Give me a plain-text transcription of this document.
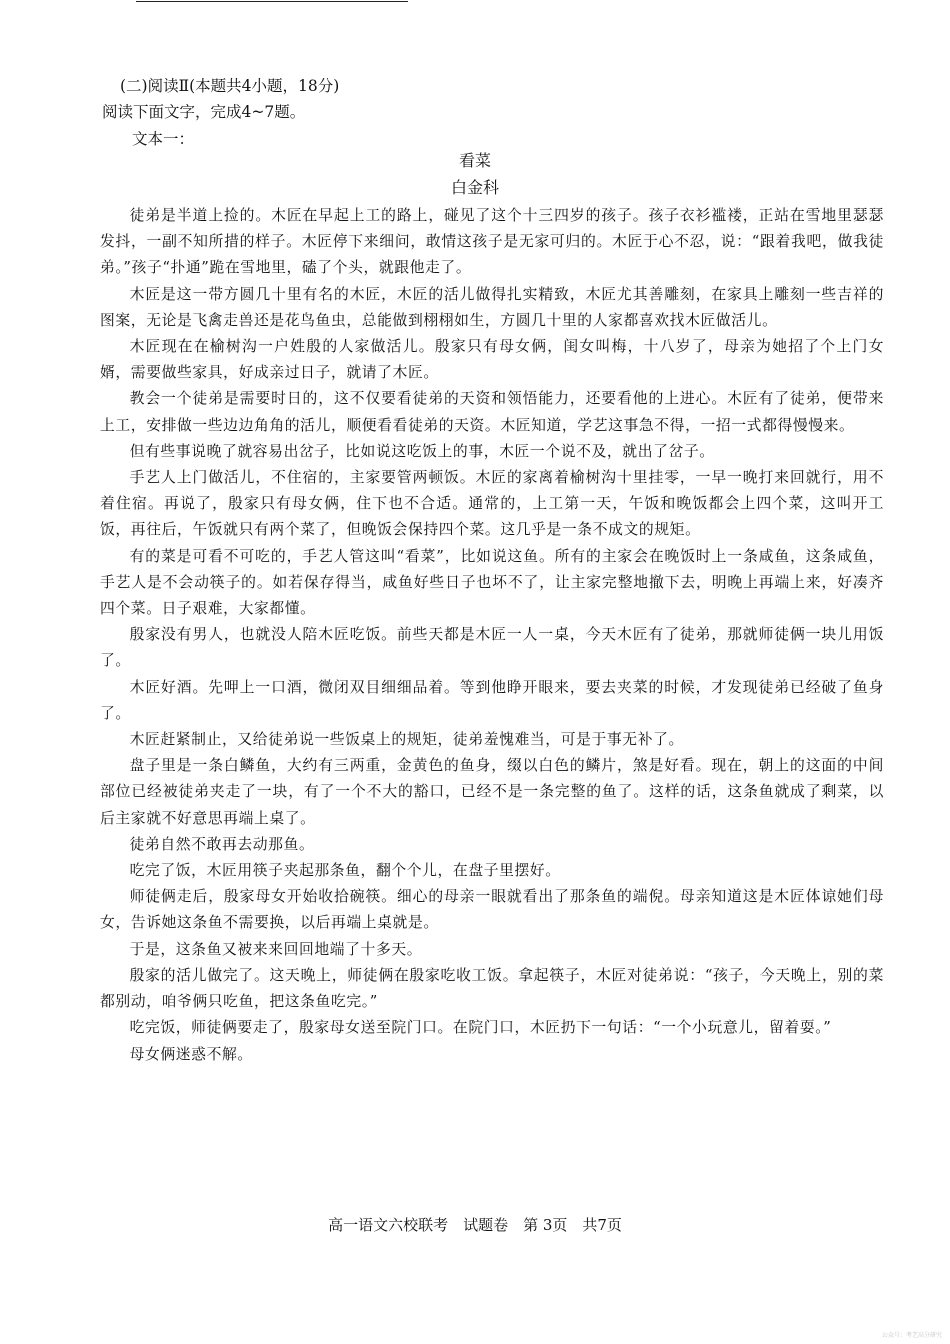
(二)阅读Ⅱ(本题共4小题，18分)
阅读下面文字，完成4~7题。
文本一：
看菜
白金科

徒弟是半道上捡的。木匠在早起上工的路上，碰见了这个十三四岁的孩子。孩子衣衫褴褛，正站在雪地里瑟瑟发抖，一副不知所措的样子。木匠停下来细问，敢情这孩子是无家可归的。木匠于心不忍，说：“跟着我吧，做我徒弟。”孩子“扑通”跪在雪地里，磕了个头，就跟他走了。

木匠是这一带方圆几十里有名的木匠，木匠的活儿做得扎实精致，木匠尤其善雕刻，在家具上雕刻一些吉祥的图案，无论是飞禽走兽还是花鸟鱼虫，总能做到栩栩如生，方圆几十里的人家都喜欢找木匠做活儿。

木匠现在在榆树沟一户姓殷的人家做活儿。殷家只有母女俩，闺女叫梅，十八岁了，母亲为她招了个上门女婿，需要做些家具，好成亲过日子，就请了木匠。

教会一个徒弟是需要时日的，这不仅要看徒弟的天资和领悟能力，还要看他的上进心。木匠有了徒弟，便带来上工，安排做一些边边角角的活儿，顺便看看徒弟的天资。木匠知道，学艺这事急不得，一招一式都得慢慢来。

但有些事说晚了就容易出岔子，比如说这吃饭上的事，木匠一个说不及，就出了岔子。

手艺人上门做活儿，不住宿的，主家要管两顿饭。木匠的家离着榆树沟十里挂零，一早一晚打来回就行，用不着住宿。再说了，殷家只有母女俩，住下也不合适。通常的，上工第一天，午饭和晚饭都会上四个菜，这叫开工饭，再往后，午饭就只有两个菜了，但晚饭会保持四个菜。这几乎是一条不成文的规矩。

有的菜是可看不可吃的，手艺人管这叫“看菜”，比如说这鱼。所有的主家会在晚饭时上一条咸鱼，这条咸鱼，手艺人是不会动筷子的。如若保存得当，咸鱼好些日子也坏不了，让主家完整地撤下去，明晚上再端上来，好凑齐四个菜。日子艰难，大家都懂。

殷家没有男人，也就没人陪木匠吃饭。前些天都是木匠一人一桌，今天木匠有了徒弟，那就师徒俩一块儿用饭了。

木匠好酒。先呷上一口酒，微闭双目细细品着。等到他睁开眼来，要去夹菜的时候，才发现徒弟已经破了鱼身了。

木匠赶紧制止，又给徒弟说一些饭桌上的规矩，徒弟羞愧难当，可是于事无补了。

盘子里是一条白鳞鱼，大约有三两重，金黄色的鱼身，缀以白色的鳞片，煞是好看。现在，朝上的这面的中间部位已经被徒弟夹走了一块，有了一个不大的豁口，已经不是一条完整的鱼了。这样的话，这条鱼就成了剩菜，以后主家就不好意思再端上桌了。

徒弟自然不敢再去动那鱼。

吃完了饭，木匠用筷子夹起那条鱼，翻个个儿，在盘子里摆好。

师徒俩走后，殷家母女开始收拾碗筷。细心的母亲一眼就看出了那条鱼的端倪。母亲知道这是木匠体谅她们母女，告诉她这条鱼不需要换，以后再端上桌就是。

于是，这条鱼又被来来回回地端了十多天。

殷家的活儿做完了。这天晚上，师徒俩在殷家吃收工饭。拿起筷子，木匠对徒弟说：“孩子，今天晚上，别的菜都别动，咱爷俩只吃鱼，把这条鱼吃完。”

吃完饭，师徒俩要走了，殷家母女送至院门口。在院门口，木匠扔下一句话：“一个小玩意儿，留着耍。”

母女俩迷惑不解。

高一语文六校联考　试题卷　第 3页　共7页
公众号：考艺高分研究
